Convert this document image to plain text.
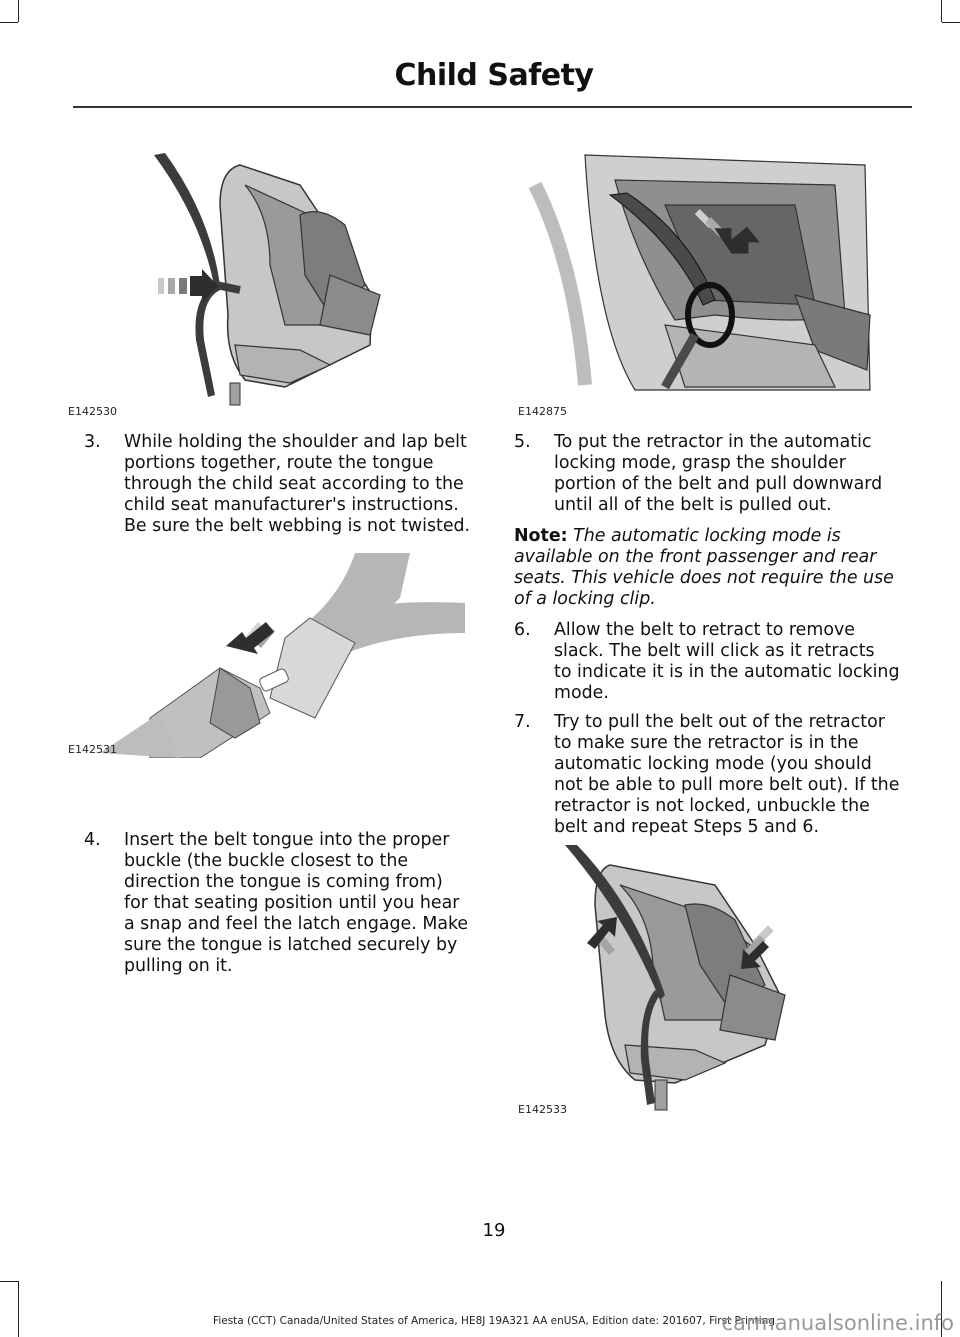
Child Safety
E142530	E142875
3. While holding the shoulder and lap belt
portions together, route the tongue
through the child seat according to the
child seat manufacturer's instructions.
Be sure the belt webbing is not twisted.
E142531
4. Insert the belt tongue into the proper
buckle (the buckle closest to the
direction the tongue is coming from)
for that seating position until you hear
a snap and feel the latch engage. Make
sure the tongue is latched securely by
pulling on it.
5. To put the retractor in the automatic
locking mode, grasp the shoulder
portion of the belt and pull downward
until all of the belt is pulled out.
Note: The automatic locking mode is
available on the front passenger and rear
seats. This vehicle does not require the use
of a locking clip.
6. Allow the belt to retract to remove
slack. The belt will click as it retracts
to indicate it is in the automatic locking
mode.
7. Try to pull the belt out of the retractor
to make sure the retractor is in the
automatic locking mode (you should
not be able to pull more belt out). If the
retractor is not locked, unbuckle the
belt and repeat Steps 5 and 6.
E142533
19
Fiesta (CCT) Canada/United States of America, HE8J 19A321 AA enUSA, Edition date: 201607, First Printing
carmanualsonline.info
